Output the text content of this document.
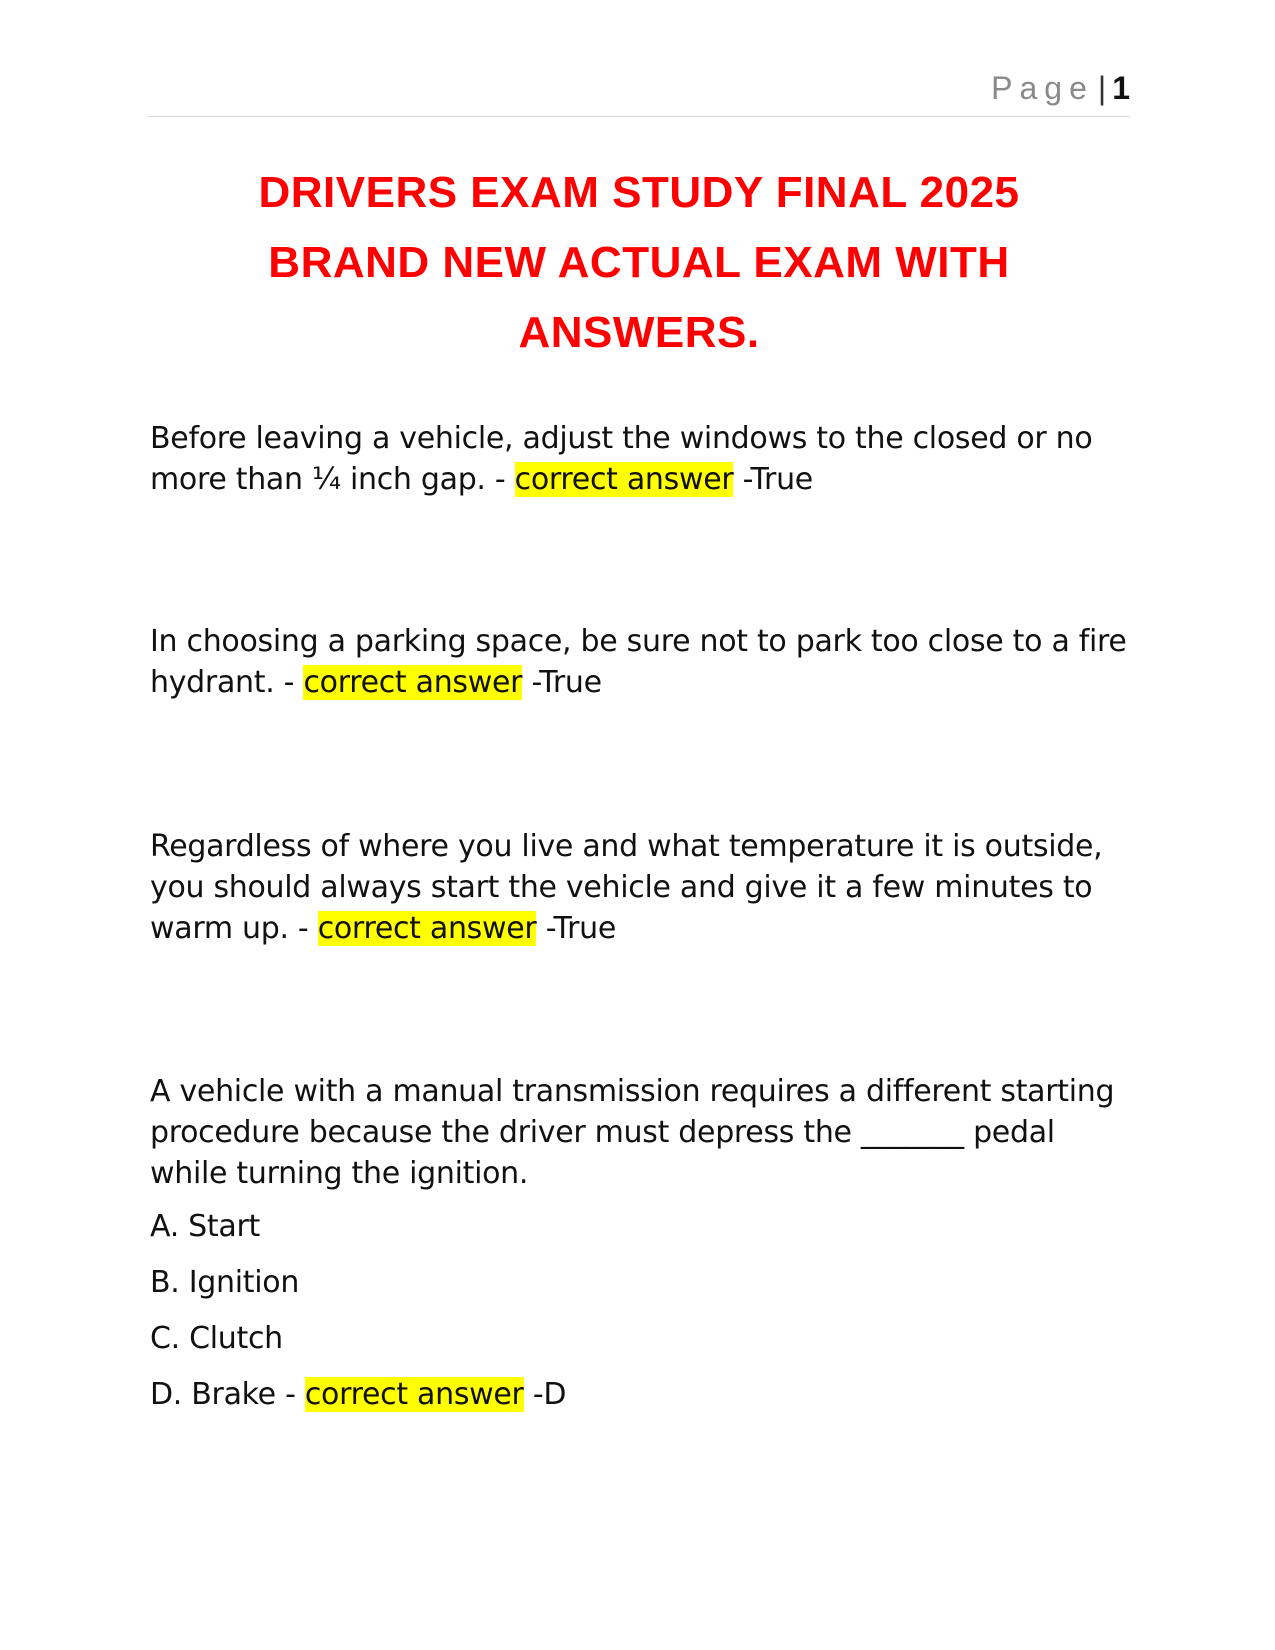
Page | 1
DRIVERS EXAM STUDY FINAL 2025
BRAND NEW ACTUAL EXAM WITH
ANSWERS.

Before leaving a vehicle, adjust the windows to the closed or no
more than ¼ inch gap. - correct answer -True

In choosing a parking space, be sure not to park too close to a fire
hydrant. - correct answer -True

Regardless of where you live and what temperature it is outside,
you should always start the vehicle and give it a few minutes to
warm up. - correct answer -True

A vehicle with a manual transmission requires a different starting
procedure because the driver must depress the _______ pedal
while turning the ignition.

A. Start

B. Ignition

C. Clutch

D. Brake - correct answer -D
